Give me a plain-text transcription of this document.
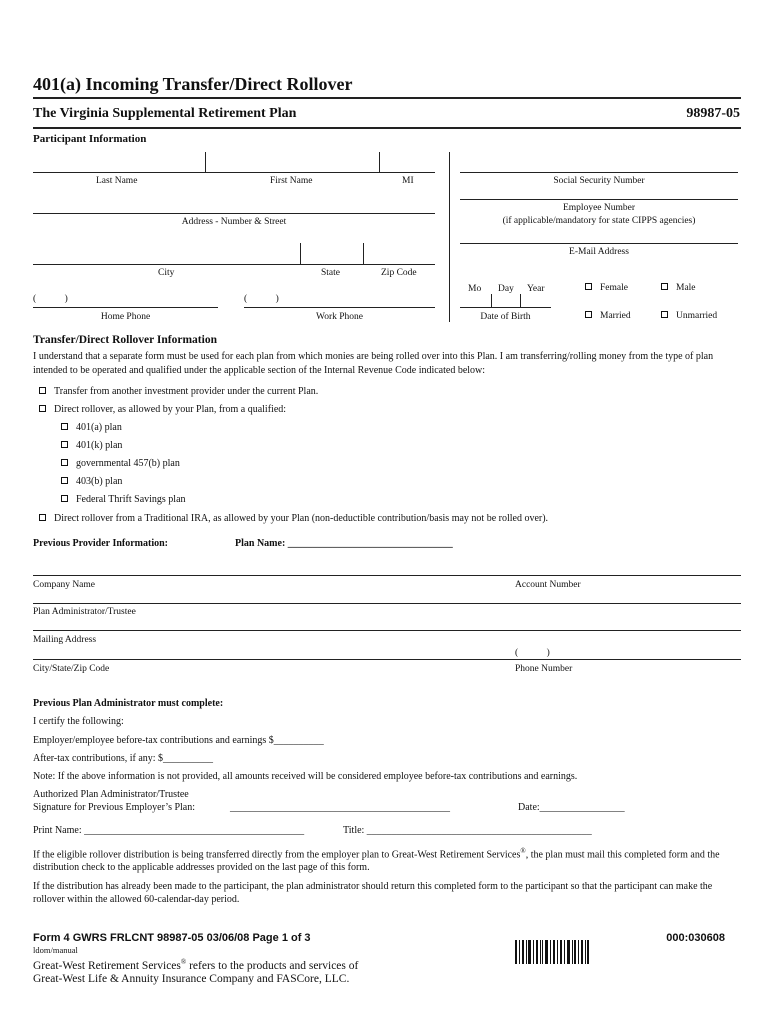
401(a) Incoming Transfer/Direct Rollover
The Virginia Supplemental Retirement Plan	98987-05
Participant Information
Last Name	First Name	MI	Social Security Number
Address - Number & Street
Employee Number
(if applicable/mandatory for state CIPPS agencies)
E-Mail Address
City	State	Zip Code
Mo Day Year
Date of Birth
Female	Male
Married	Unmarried
(            )
Home Phone
(            )
Work Phone
Transfer/Direct Rollover Information
I understand that a separate form must be used for each plan from which monies are being rolled over into this Plan. I am transferring/rolling money from the type of plan intended to be operated and qualified under the applicable section of the Internal Revenue Code indicated below:
Transfer from another investment provider under the current Plan.
Direct rollover, as allowed by your Plan, from a qualified:
401(a) plan
401(k) plan
governmental 457(b) plan
403(b) plan
Federal Thrift Savings plan
Direct rollover from a Traditional IRA, as allowed by your Plan (non-deductible contribution/basis may not be rolled over).
Previous Provider Information:	Plan Name: _________________________________
Company Name	Account Number
Plan Administrator/Trustee
Mailing Address
(            )
City/State/Zip Code	Phone Number
Previous Plan Administrator must complete:
I certify the following:
Employer/employee before-tax contributions and earnings $__________
After-tax contributions, if any: $__________
Note: If the above information is not provided, all amounts received will be considered employee before-tax contributions and earnings.
Authorized Plan Administrator/Trustee
Signature for Previous Employer’s Plan:	____________________________________________	Date:_________________
Print Name: ____________________________________________	Title: _____________________________________________
If the eligible rollover distribution is being transferred directly from the employer plan to Great-West Retirement Services®, the plan must mail this completed form and the distribution check to the applicable addresses provided on the last page of this form.
If the distribution has already been made to the participant, the plan administrator should return this completed form to the participant so that the participant can make the rollover within the allowed 60-calendar-day period.
Form 4 GWRS FRLCNT 98987-05 03/06/08 Page 1 of 3	000:030608
ldom/manual
Great-West Retirement Services® refers to the products and services of
Great-West Life & Annuity Insurance Company and FASCore, LLC.
